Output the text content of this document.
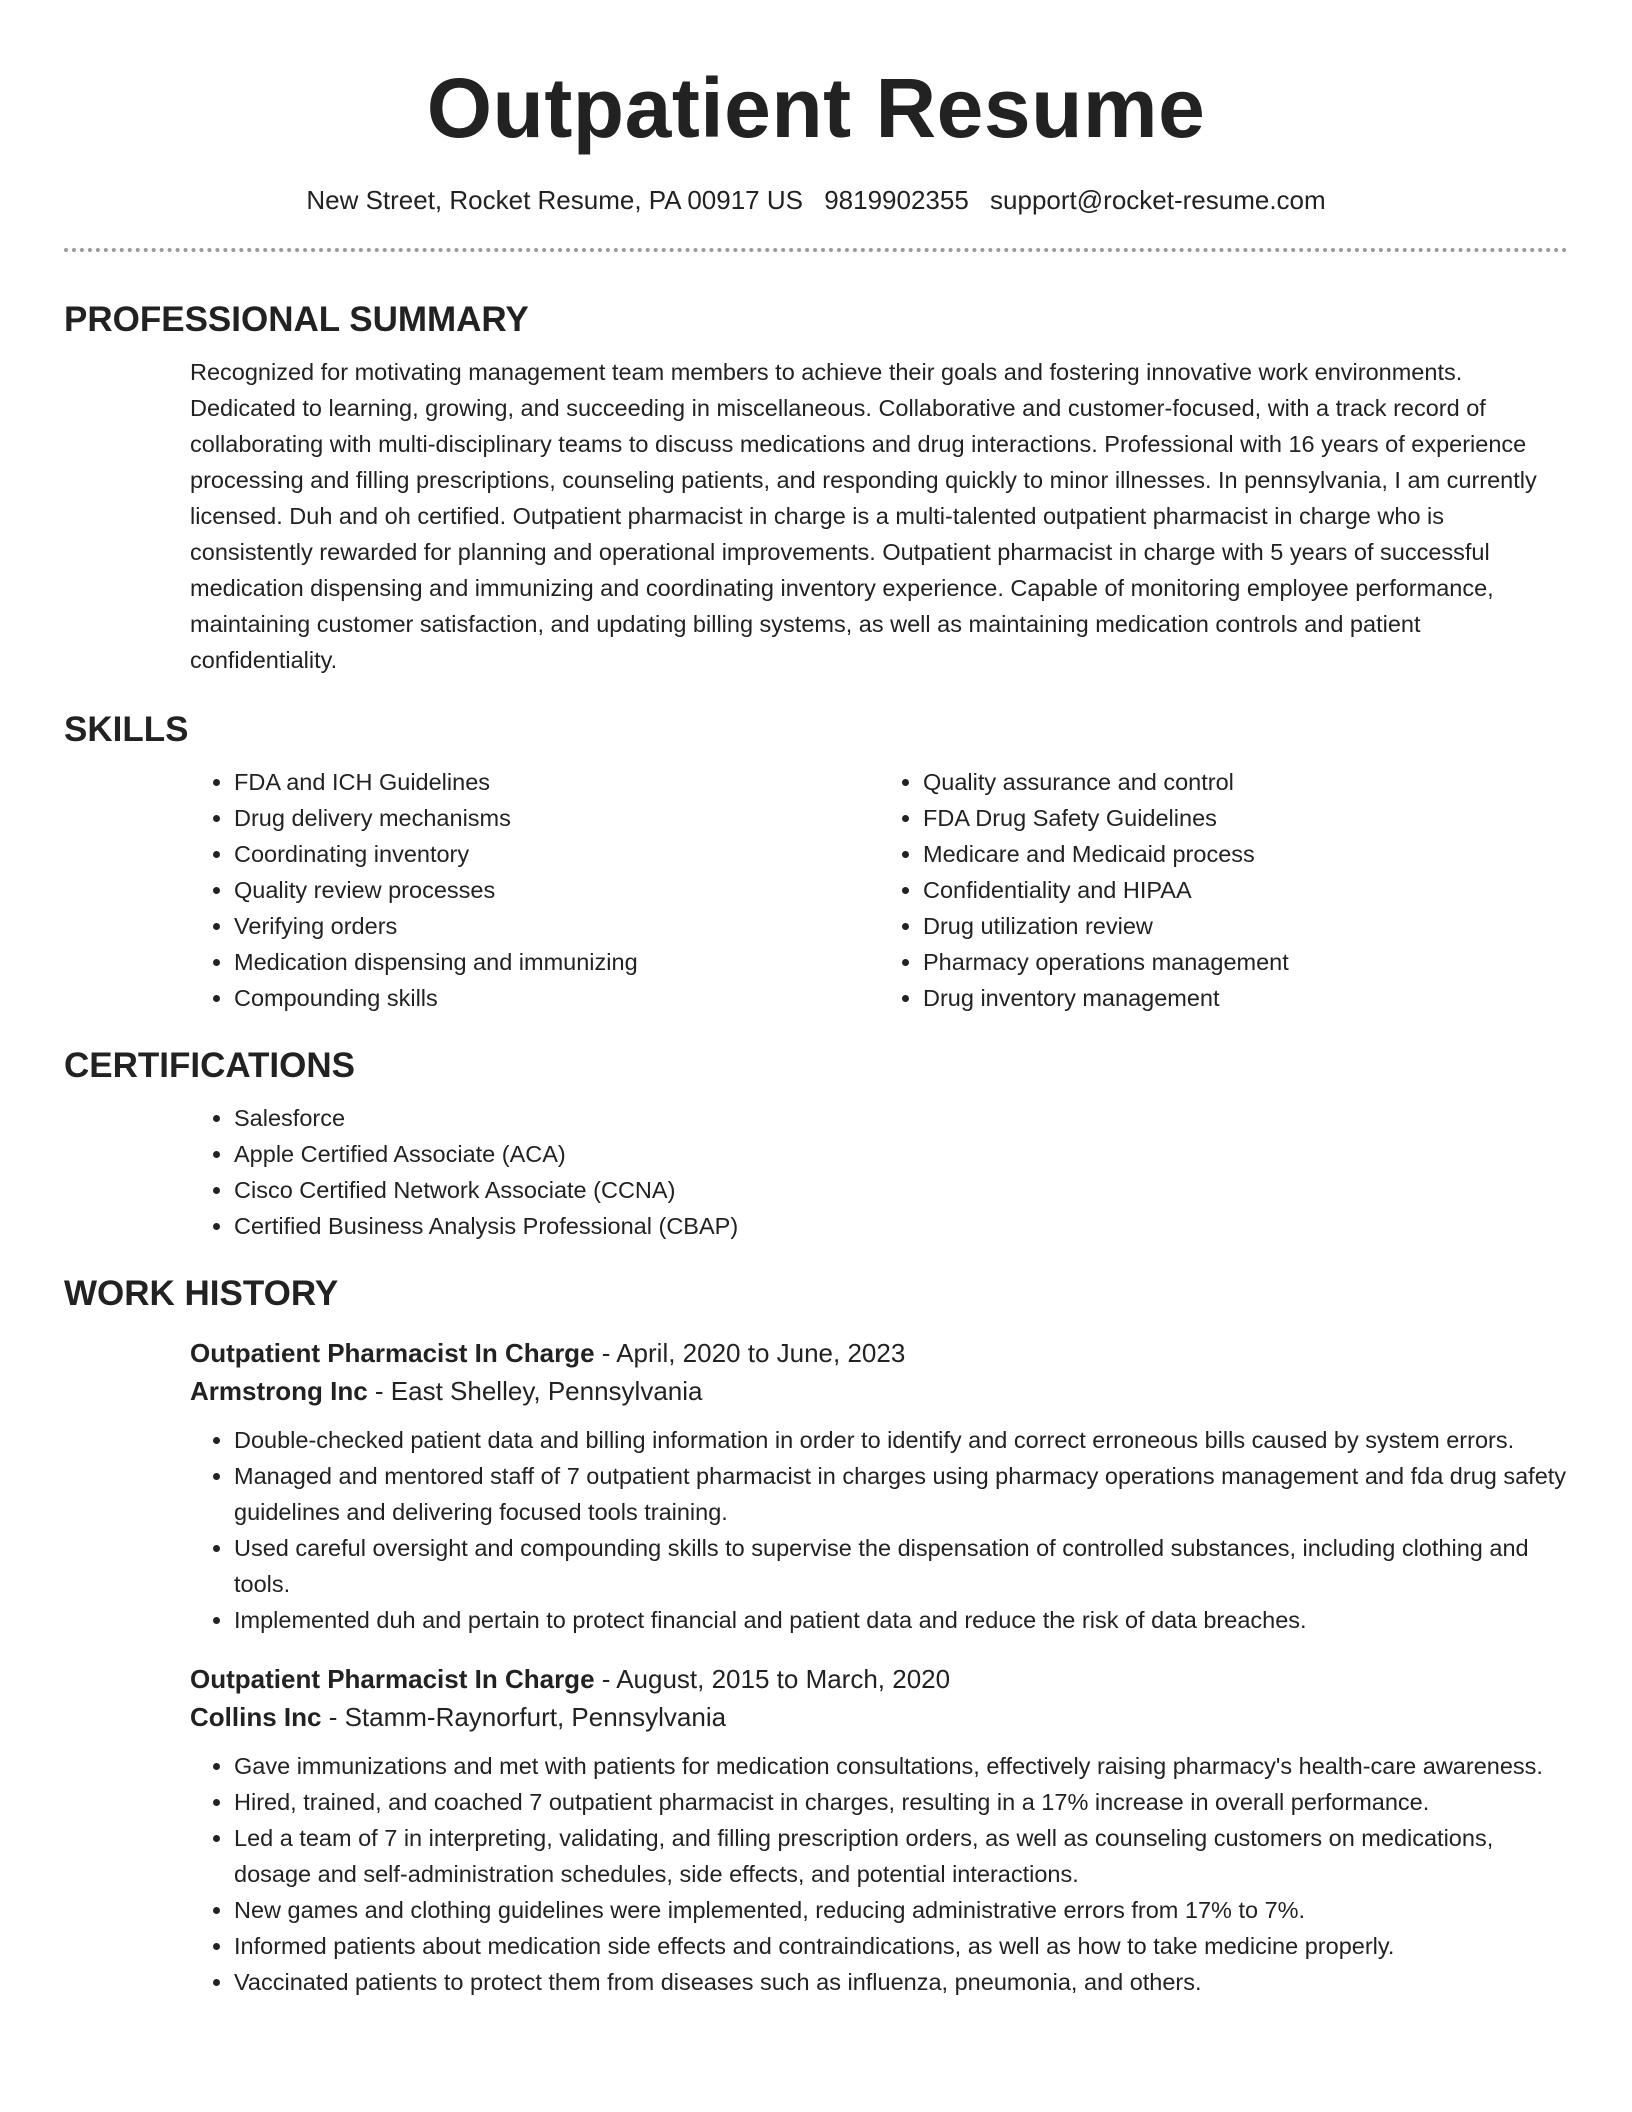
Outpatient Resume
New Street, Rocket Resume, PA 00917 US 9819902355 support@rocket-resume.com
PROFESSIONAL SUMMARY
Recognized for motivating management team members to achieve their goals and fostering innovative work environments. Dedicated to learning, growing, and succeeding in miscellaneous. Collaborative and customer-focused, with a track record of collaborating with multi-disciplinary teams to discuss medications and drug interactions. Professional with 16 years of experience processing and filling prescriptions, counseling patients, and responding quickly to minor illnesses. In pennsylvania, I am currently licensed. Duh and oh certified. Outpatient pharmacist in charge is a multi-talented outpatient pharmacist in charge who is consistently rewarded for planning and operational improvements. Outpatient pharmacist in charge with 5 years of successful medication dispensing and immunizing and coordinating inventory experience. Capable of monitoring employee performance, maintaining customer satisfaction, and updating billing systems, as well as maintaining medication controls and patient confidentiality.
SKILLS
• FDA and ICH Guidelines
• Drug delivery mechanisms
• Coordinating inventory
• Quality review processes
• Verifying orders
• Medication dispensing and immunizing
• Compounding skills
• Quality assurance and control
• FDA Drug Safety Guidelines
• Medicare and Medicaid process
• Confidentiality and HIPAA
• Drug utilization review
• Pharmacy operations management
• Drug inventory management
CERTIFICATIONS
• Salesforce
• Apple Certified Associate (ACA)
• Cisco Certified Network Associate (CCNA)
• Certified Business Analysis Professional (CBAP)
WORK HISTORY
Outpatient Pharmacist In Charge - April, 2020 to June, 2023
Armstrong Inc - East Shelley, Pennsylvania
• Double-checked patient data and billing information in order to identify and correct erroneous bills caused by system errors.
• Managed and mentored staff of 7 outpatient pharmacist in charges using pharmacy operations management and fda drug safety guidelines and delivering focused tools training.
• Used careful oversight and compounding skills to supervise the dispensation of controlled substances, including clothing and tools.
• Implemented duh and pertain to protect financial and patient data and reduce the risk of data breaches.
Outpatient Pharmacist In Charge - August, 2015 to March, 2020
Collins Inc - Stamm-Raynorfurt, Pennsylvania
• Gave immunizations and met with patients for medication consultations, effectively raising pharmacy's health-care awareness.
• Hired, trained, and coached 7 outpatient pharmacist in charges, resulting in a 17% increase in overall performance.
• Led a team of 7 in interpreting, validating, and filling prescription orders, as well as counseling customers on medications, dosage and self-administration schedules, side effects, and potential interactions.
• New games and clothing guidelines were implemented, reducing administrative errors from 17% to 7%.
• Informed patients about medication side effects and contraindications, as well as how to take medicine properly.
• Vaccinated patients to protect them from diseases such as influenza, pneumonia, and others.
